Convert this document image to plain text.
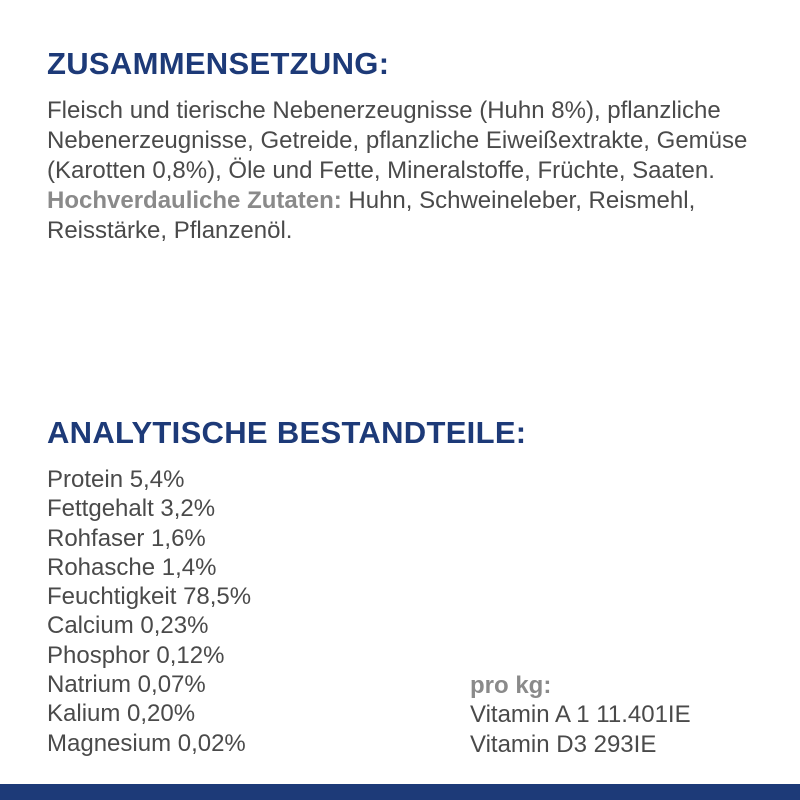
ZUSAMMENSETZUNG:
Fleisch und tierische Nebenerzeugnisse (Huhn 8%), pflanzliche Nebenerzeugnisse, Getreide, pflanzliche Eiweißextrakte, Gemüse (Karotten 0,8%), Öle und Fette, Mineralstoffe, Früchte, Saaten.
Hochverdauliche Zutaten: Huhn, Schweineleber, Reismehl, Reisstärke, Pflanzenöl.
ANALYTISCHE BESTANDTEILE:
Protein 5,4%
Fettgehalt 3,2%
Rohfaser 1,6%
Rohasche 1,4%
Feuchtigkeit 78,5%
Calcium 0,23%
Phosphor 0,12%
Natrium 0,07%
Kalium 0,20%
Magnesium 0,02%
pro kg:
Vitamin A 1 11.401IE
Vitamin D3 293IE
